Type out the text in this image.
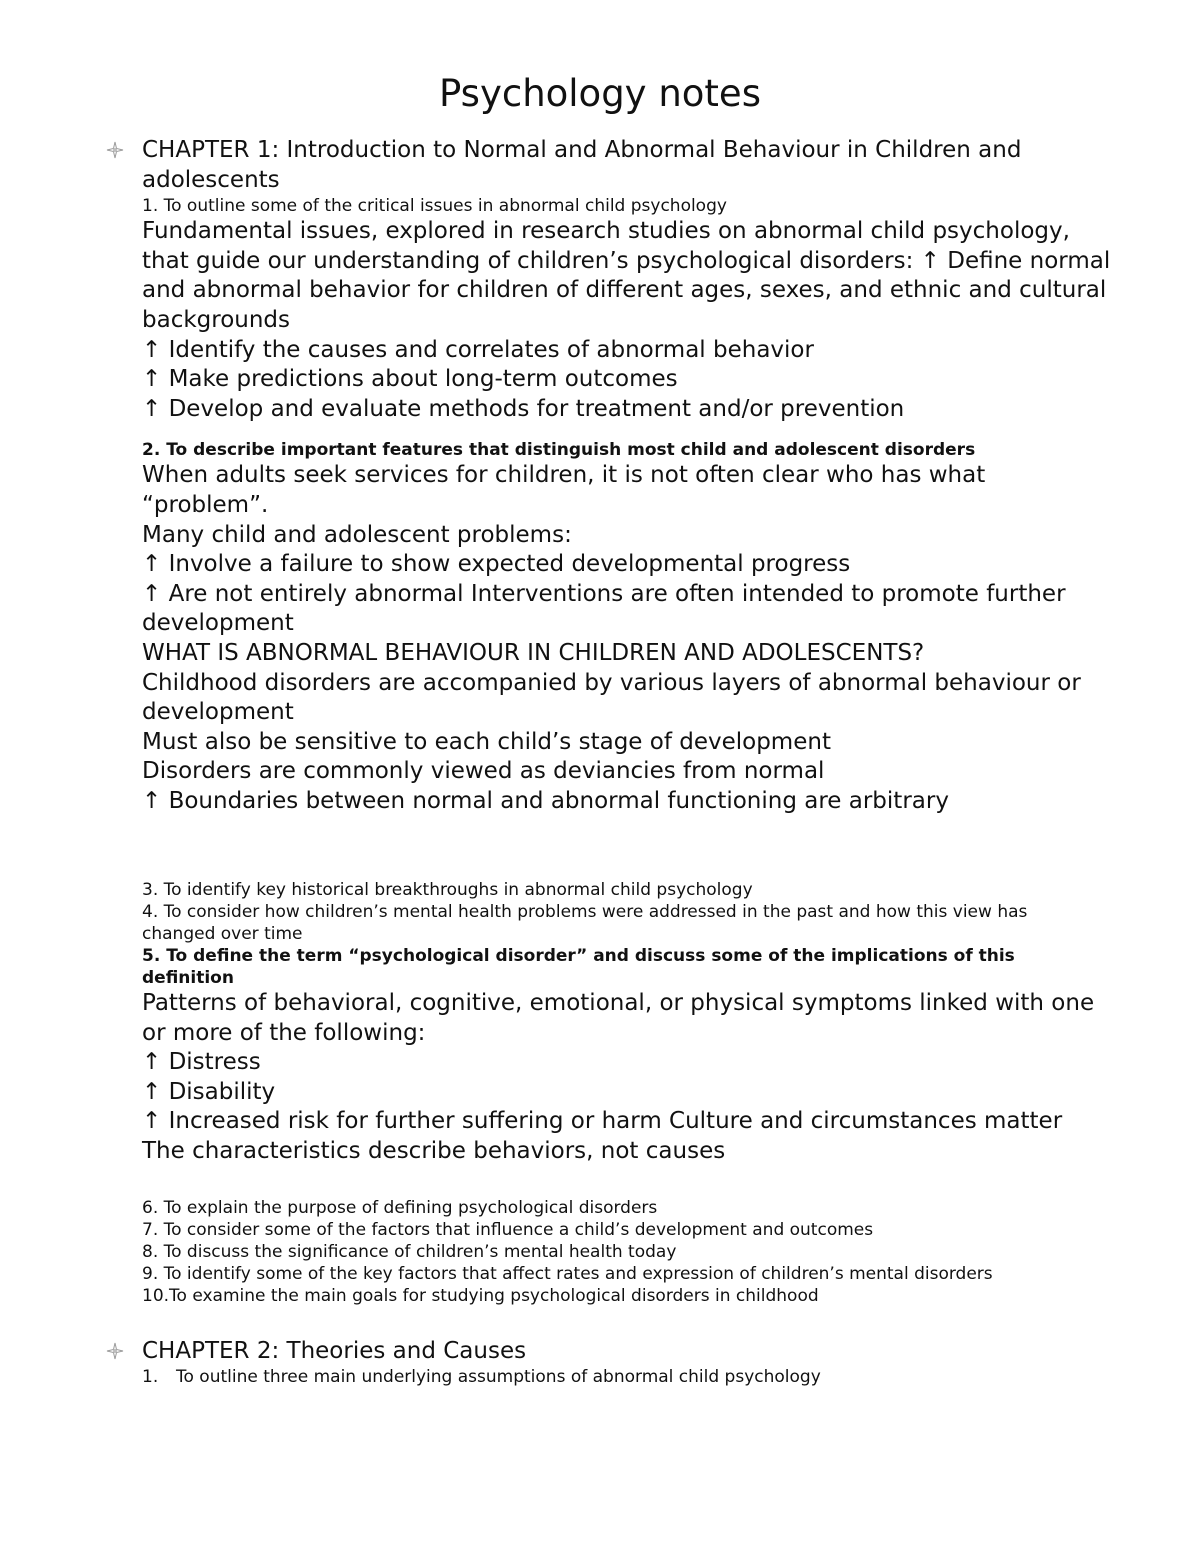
Psychology notes
CHAPTER 1: Introduction to Normal and Abnormal Behaviour in Children and
adolescents
1. To outline some of the critical issues in abnormal child psychology
Fundamental issues, explored in research studies on abnormal child psychology,
that guide our understanding of children’s psychological disorders: ↑ Define normal
and abnormal behavior for children of different ages, sexes, and ethnic and cultural
backgrounds
↑ Identify the causes and correlates of abnormal behavior
↑ Make predictions about long-term outcomes
↑ Develop and evaluate methods for treatment and/or prevention
2. To describe important features that distinguish most child and adolescent disorders
When adults seek services for children, it is not often clear who has what
“problem”.
Many child and adolescent problems:
↑ Involve a failure to show expected developmental progress
↑ Are not entirely abnormal Interventions are often intended to promote further
development
WHAT IS ABNORMAL BEHAVIOUR IN CHILDREN AND ADOLESCENTS?
Childhood disorders are accompanied by various layers of abnormal behaviour or
development
Must also be sensitive to each child’s stage of development
Disorders are commonly viewed as deviancies from normal
↑ Boundaries between normal and abnormal functioning are arbitrary
3. To identify key historical breakthroughs in abnormal child psychology
4. To consider how children’s mental health problems were addressed in the past and how this view has
changed over time
5. To define the term “psychological disorder” and discuss some of the implications of this
definition
Patterns of behavioral, cognitive, emotional, or physical symptoms linked with one
or more of the following:
↑ Distress
↑ Disability
↑ Increased risk for further suffering or harm Culture and circumstances matter
The characteristics describe behaviors, not causes
6. To explain the purpose of defining psychological disorders
7. To consider some of the factors that influence a child’s development and outcomes
8. To discuss the significance of children’s mental health today
9. To identify some of the key factors that affect rates and expression of children’s mental disorders
10.To examine the main goals for studying psychological disorders in childhood
CHAPTER 2: Theories and Causes
1. To outline three main underlying assumptions of abnormal child psychology
